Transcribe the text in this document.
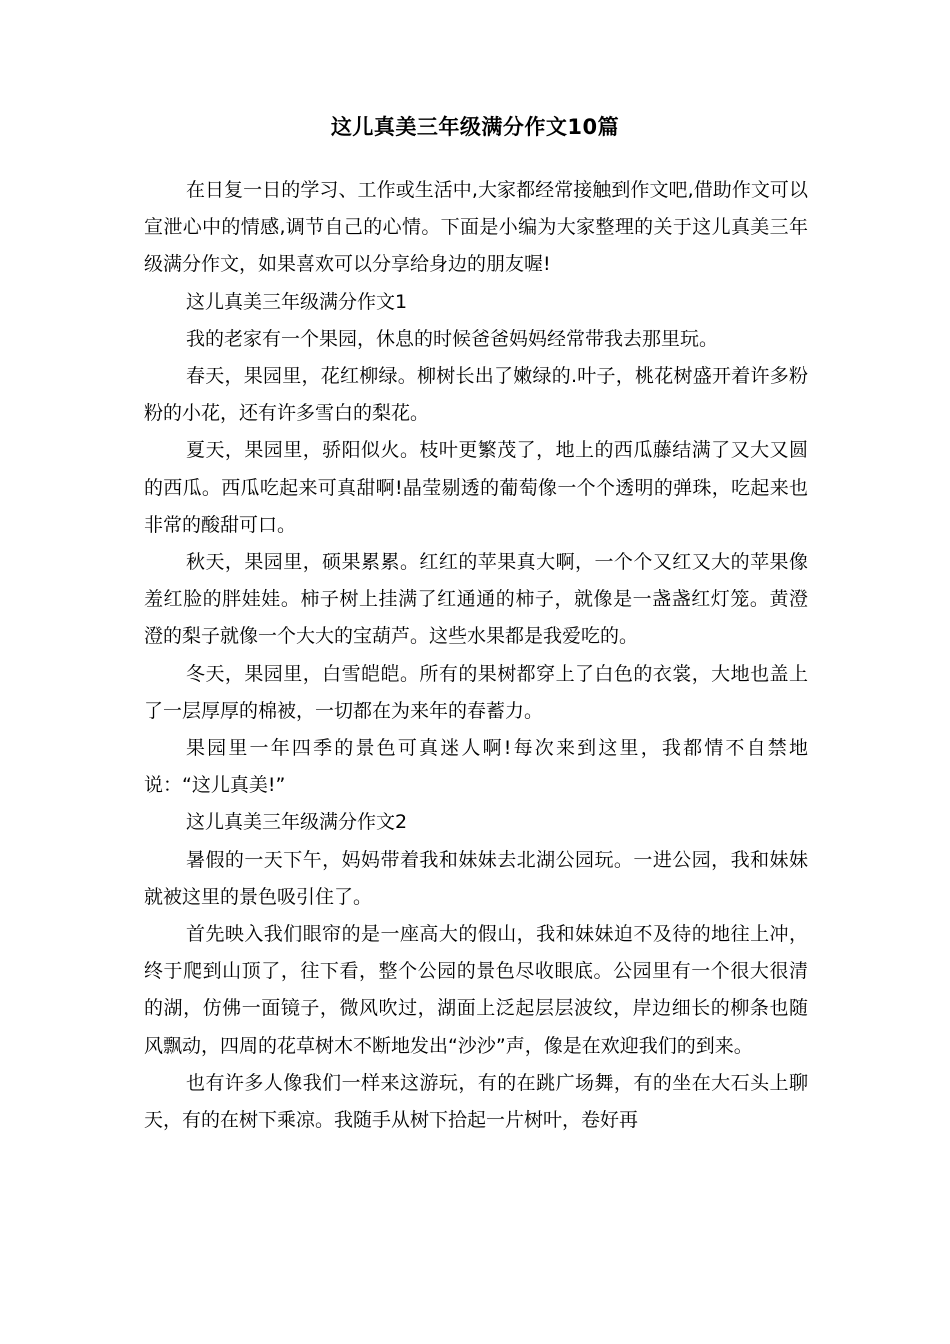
这儿真美三年级满分作文10篇

在日复一日的学习、工作或生活中,大家都经常接触到作文吧,借助作文可以宣泄心中的情感,调节自己的心情。下面是小编为大家整理的关于这儿真美三年级满分作文，如果喜欢可以分享给身边的朋友喔!

这儿真美三年级满分作文1

我的老家有一个果园，休息的时候爸爸妈妈经常带我去那里玩。

春天，果园里，花红柳绿。柳树长出了嫩绿的.叶子，桃花树盛开着许多粉粉的小花，还有许多雪白的梨花。

夏天，果园里，骄阳似火。枝叶更繁茂了，地上的西瓜藤结满了又大又圆的西瓜。西瓜吃起来可真甜啊!晶莹剔透的葡萄像一个个透明的弹珠，吃起来也非常的酸甜可口。

秋天，果园里，硕果累累。红红的苹果真大啊，一个个又红又大的苹果像羞红脸的胖娃娃。柿子树上挂满了红通通的柿子，就像是一盏盏红灯笼。黄澄澄的梨子就像一个大大的宝葫芦。这些水果都是我爱吃的。

冬天，果园里，白雪皑皑。所有的果树都穿上了白色的衣裳，大地也盖上了一层厚厚的棉被，一切都在为来年的春蓄力。

果园里一年四季的景色可真迷人啊!每次来到这里，我都情不自禁地说：“这儿真美!”

这儿真美三年级满分作文2

暑假的一天下午，妈妈带着我和妹妹去北湖公园玩。一进公园，我和妹妹就被这里的景色吸引住了。

首先映入我们眼帘的是一座高大的假山，我和妹妹迫不及待的地往上冲，终于爬到山顶了，往下看，整个公园的景色尽收眼底。公园里有一个很大很清的湖，仿佛一面镜子，微风吹过，湖面上泛起层层波纹，岸边细长的柳条也随风飘动，四周的花草树木不断地发出“沙沙”声，像是在欢迎我们的到来。

也有许多人像我们一样来这游玩，有的在跳广场舞，有的坐在大石头上聊天，有的在树下乘凉。我随手从树下拾起一片树叶，卷好再
